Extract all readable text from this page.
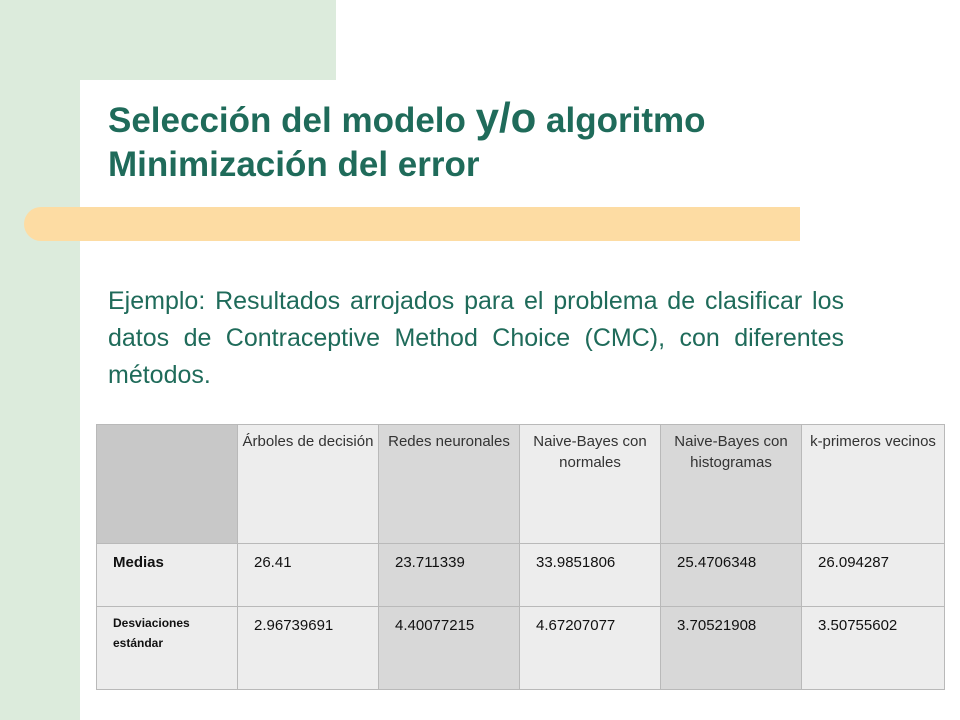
Selección del modelo y/o algoritmo
Minimización del error
Ejemplo: Resultados arrojados para el problema de clasificar los datos de Contraceptive Method Choice (CMC), con diferentes métodos.
	Árboles de decisión	Redes neuronales	Naive-Bayes con normales	Naive-Bayes con histogramas	k-primeros vecinos
Medias	26.41	23.711339	33.9851806	25.4706348	26.094287
Desviaciones estándar	2.96739691	4.40077215	4.67207077	3.70521908	3.50755602
